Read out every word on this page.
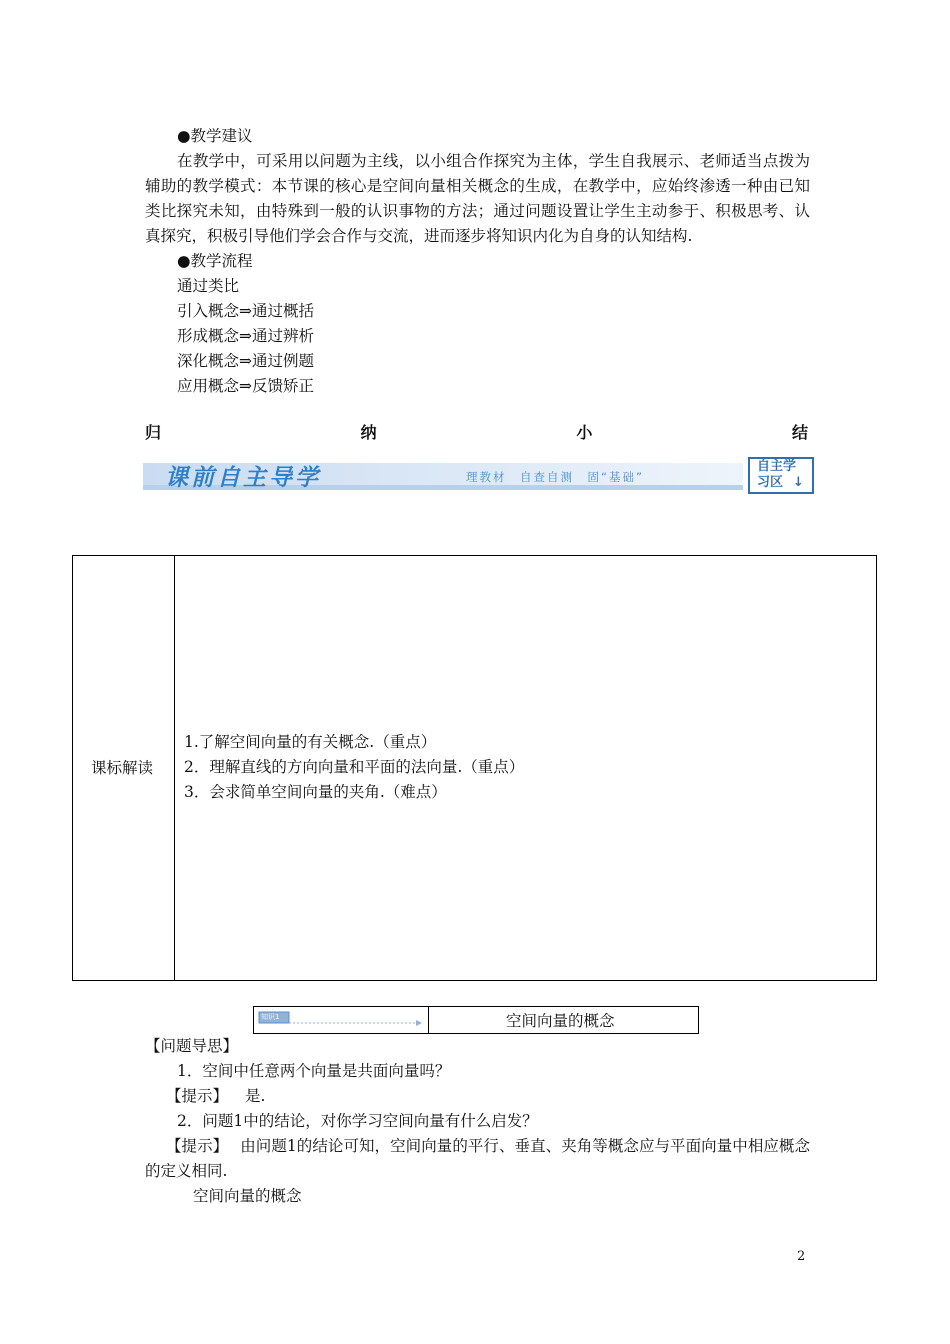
●教学建议
在教学中，可采用以问题为主线，以小组合作探究为主体，学生自我展示、老师适当点拨为辅助的教学模式：本节课的核心是空间向量相关概念的生成，在教学中，应始终渗透一种由已知类比探究未知，由特殊到一般的认识事物的方法；通过问题设置让学生主动参于、积极思考、认真探究，积极引导他们学会合作与交流，进而逐步将知识内化为自身的认知结构.
●教学流程
通过类比
引入概念⇒通过概括
形成概念⇒通过辨析
深化概念⇒通过例题
应用概念⇒反馈矫正
归	纳	小	结
课前自主导学	理教材　自查自测　固“基础”
自主学
习区 ↓
课标解读
1.了解空间向量的有关概念.（重点）
2．理解直线的方向向量和平面的法向量.（重点）
3．会求简单空间向量的夹角.（难点）
知识1	空间向量的概念
【问题导思】
1．空间中任意两个向量是共面向量吗？
【提示】 是.
2．问题1中的结论，对你学习空间向量有什么启发？
【提示】 由问题1的结论可知，空间向量的平行、垂直、夹角等概念应与平面向量中相应概念的定义相同.
空间向量的概念
2
